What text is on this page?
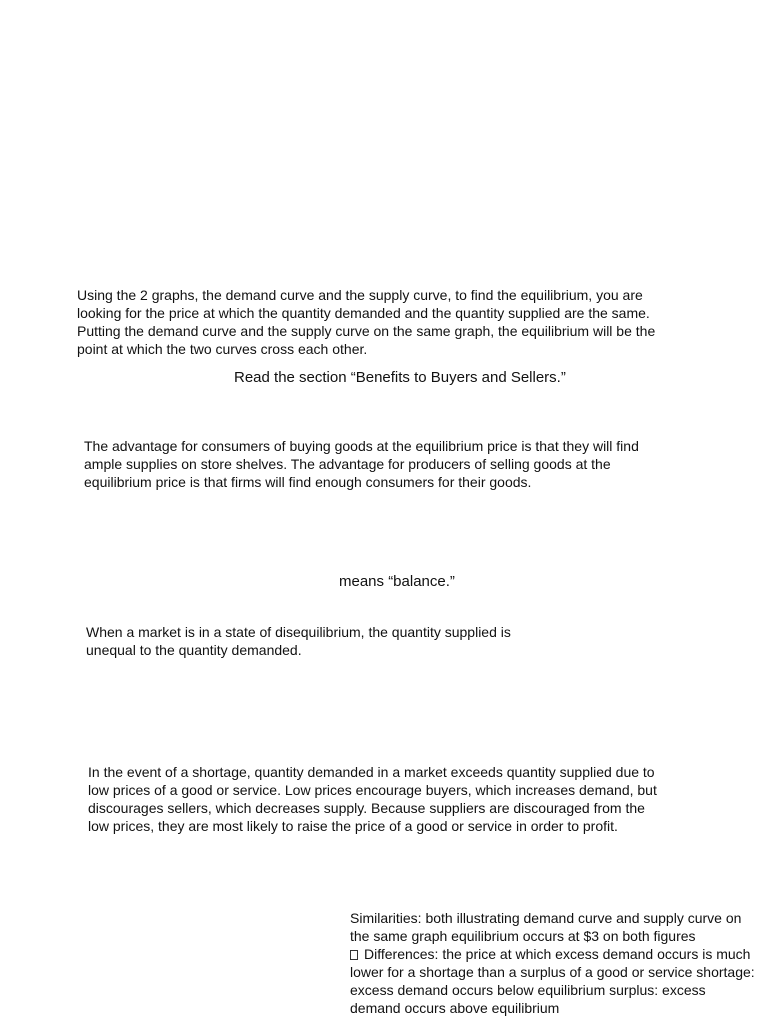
Using the 2 graphs, the demand curve and the supply curve, to find the equilibrium, you are looking for the price at which the quantity demanded and the quantity supplied are the same. Putting the demand curve and the supply curve on the same graph, the equilibrium will be the point at which the two curves cross each other.

Read the section “Benefits to Buyers and Sellers.”

The advantage for consumers of buying goods at the equilibrium price is that they will find ample supplies on store shelves. The advantage for producers of selling goods at the equilibrium price is that firms will find enough consumers for their goods.

means “balance.”

When a market is in a state of disequilibrium, the quantity supplied is unequal to the quantity demanded.

In the event of a shortage, quantity demanded in a market exceeds quantity supplied due to low prices of a good or service. Low prices encourage buyers, which increases demand, but discourages sellers, which decreases supply. Because suppliers are discouraged from the low prices, they are most likely to raise the price of a good or service in order to profit.

Similarities: both illustrating demand curve and supply curve on the same graph equilibrium occurs at $3 on both figures

Differences: the price at which excess demand occurs is much lower for a shortage than a surplus of a good or service shortage: excess demand occurs below equilibrium surplus: excess demand occurs above equilibrium
